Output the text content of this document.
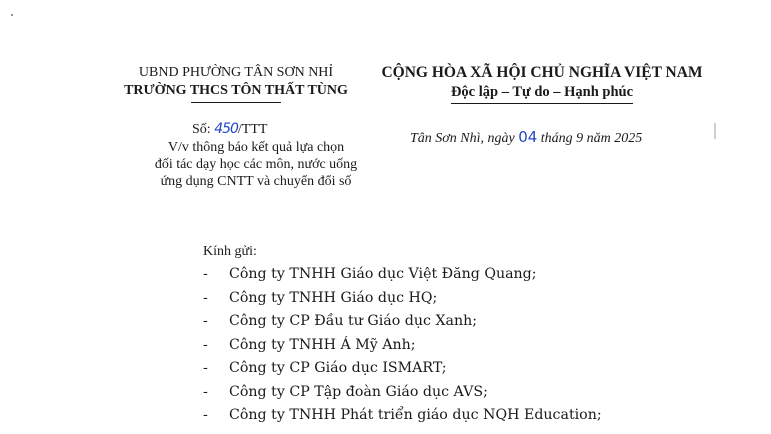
UBND PHƯỜNG TÂN SƠN NHỈ
TRƯỜNG THCS TÔN THẤT TÙNG
CỘNG HÒA XÃ HỘI CHỦ NGHĨA VIỆT NAM
Độc lập – Tự do – Hạnh phúc
Số: 450/TTT
V/v thông báo kết quả lựa chọn
đối tác dạy học các môn, nước uống
ứng dụng CNTT và chuyển đổi số
Tân Sơn Nhì, ngày 04 tháng 9 năm 2025
Kính gửi:
-	Công ty TNHH Giáo dục Việt Đăng Quang;
-	Công ty TNHH Giáo dục HQ;
-	Công ty CP Đầu tư Giáo dục Xanh;
-	Công ty TNHH Á Mỹ Anh;
-	Công ty CP Giáo dục ISMART;
-	Công ty CP Tập đoàn Giáo dục AVS;
-	Công ty TNHH Phát triển giáo dục NQH Education;
